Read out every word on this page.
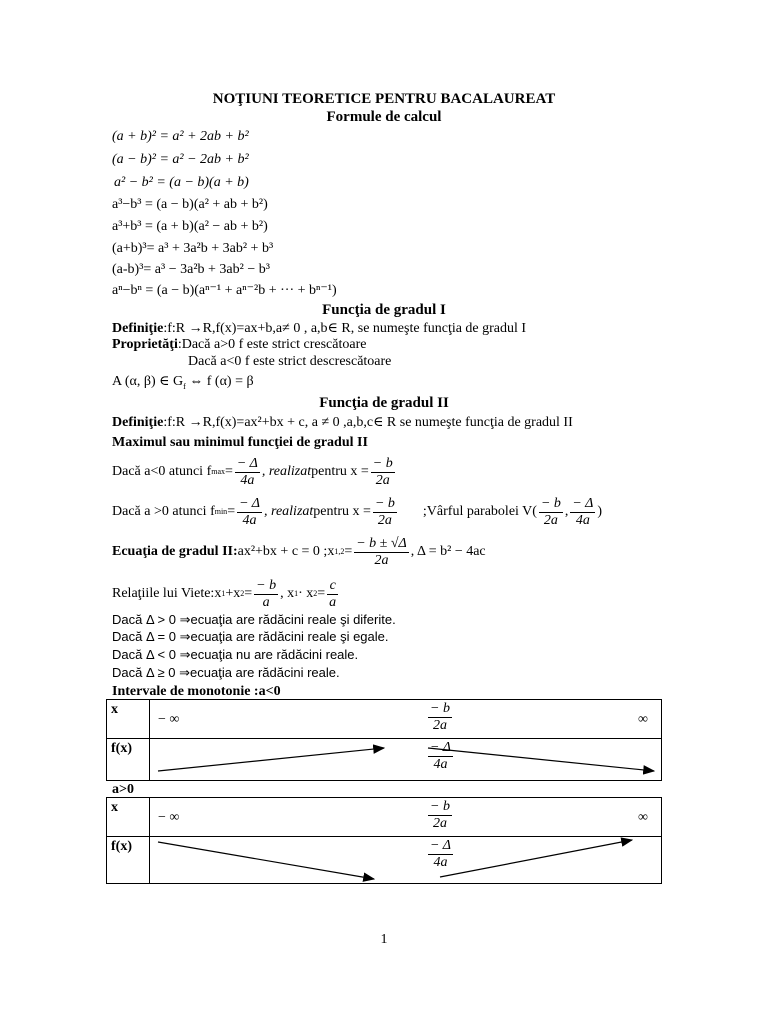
NOŢIUNI TEORETICE PENTRU BACALAUREAT
Formule de calcul
(a + b)² = a² + 2ab + b²
(a − b)² = a² − 2ab + b²
a² − b² = (a − b)(a + b)
a³−b³ = (a − b)(a² + ab + b²)
a³+b³ = (a + b)(a² − ab + b²)
(a+b)³= a³ + 3a²b + 3ab² + b³
(a-b)³= a³ − 3a²b + 3ab² − b³
aⁿ−bⁿ = (a − b)(aⁿ⁻¹ + aⁿ⁻²b + ··· + bⁿ⁻¹)
Funcţia de gradul I
Definiţie:f:R →R,f(x)=ax+b,a≠ 0 , a,b∈ R, se numeşte funcţia de gradul I
Proprietăţi:Dacă a>0 f este strict crescătoare
Dacă a<0 f este strict descrescătoare
A (α, β) ∈ $G_f$ ⇔ f (α) = β
Funcţia de gradul II
Definiţie:f:R →R,f(x)=ax²+bx + c, a ≠ 0 ,a,b,c∈ R se numeşte funcţia de gradul II
Maximul sau minimul funcţiei de gradul II
Dacă a<0 atunci f $\max = \frac{- \Delta}{4a}$ , realizat pentru $x = \frac{- b}{2a}$
Dacă a >0 atunci f $\min = \frac{- \Delta}{4a}$ , realizat pentru $x = \frac{- b}{2a}$ ;Vârful parabolei $V( \frac{- b}{2a}$ , $\frac{- \Delta}{4a}$ )
Ecuaţia de gradul II: ax²+bx + c = 0 ;x $1,2 = \frac{- b \pm √\Delta}{2a}$ , Δ = b² − 4ac
Relaţiile lui Viete:x 1 +x $2 = \frac{- b}{a}$ , x 1 · x $2 = \frac{c}{a}$
Dacă Δ > 0 ⇒ecuaţia are rădăcini reale şi diferite.
Dacă Δ = 0 ⇒ecuaţia are rădăcini reale şi egale.
Dacă Δ < 0 ⇒ecuaţia nu are rădăcini reale.
Dacă Δ ≥ 0 ⇒ecuaţia are rădăcini reale.
Intervale de monotonie :a<0
x	− ∞ $\frac{- b}{2a}$ ∞

f(x)	$\frac{- \Delta}{4a}$
a>0
x	− ∞ $\frac{- b}{2a}$ ∞

f(x)	$\frac{- \Delta}{4a}$
1
